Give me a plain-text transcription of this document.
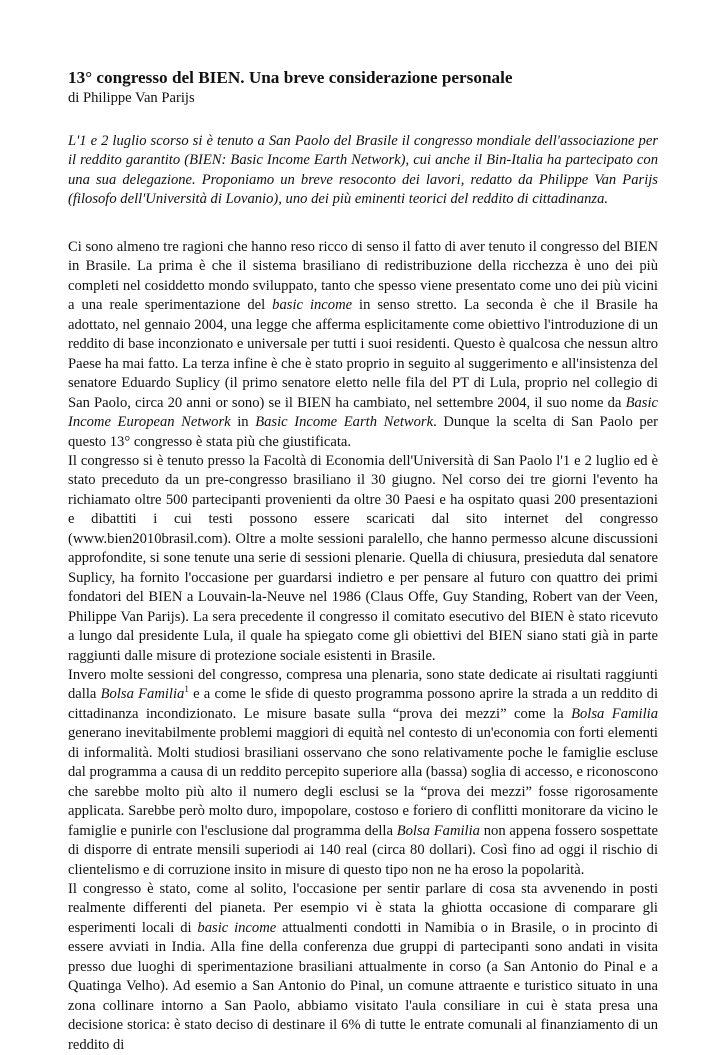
13° congresso del BIEN. Una breve considerazione personale
di Philippe Van Parijs

L'1 e 2 luglio scorso si è tenuto a San Paolo del Brasile il congresso mondiale dell'associazione per il reddito garantito (BIEN: Basic Income Earth Network), cui anche il Bin-Italia ha partecipato con una sua delegazione. Proponiamo un breve resoconto dei lavori, redatto da Philippe Van Parijs (filosofo dell'Università di Lovanio), uno dei più eminenti teorici del reddito di cittadinanza.

Ci sono almeno tre ragioni che hanno reso ricco di senso il fatto di aver tenuto il congresso del BIEN in Brasile. La prima è che il sistema brasiliano di redistribuzione della ricchezza è uno dei più completi nel cosiddetto mondo sviluppato, tanto che spesso viene presentato come uno dei più vicini a una reale sperimentazione del basic income in senso stretto. La seconda è che il Brasile ha adottato, nel gennaio 2004, una legge che afferma esplicitamente come obiettivo l'introduzione di un reddito di base inconzionato e universale per tutti i suoi residenti. Questo è qualcosa che nessun altro Paese ha mai fatto. La terza infine è che è stato proprio in seguito al suggerimento e all'insistenza del senatore Eduardo Suplicy (il primo senatore eletto nelle fila del PT di Lula, proprio nel collegio di San Paolo, circa 20 anni or sono) se il BIEN ha cambiato, nel settembre 2004, il suo nome da Basic Income European Network in Basic Income Earth Network. Dunque la scelta di San Paolo per questo 13° congresso è stata più che giustificata.

Il congresso si è tenuto presso la Facoltà di Economia dell'Università di San Paolo l'1 e 2 luglio ed è stato preceduto da un pre-congresso brasiliano il 30 giugno. Nel corso dei tre giorni l'evento ha richiamato oltre 500 partecipanti provenienti da oltre 30 Paesi e ha ospitato quasi 200 presentazioni e dibattiti i cui testi possono essere scaricati dal sito internet del congresso (www.bien2010brasil.com). Oltre a molte sessioni paralello, che hanno permesso alcune discussioni approfondite, si sone tenute una serie di sessioni plenarie. Quella di chiusura, presieduta dal senatore Suplicy, ha fornito l'occasione per guardarsi indietro e per pensare al futuro con quattro dei primi fondatori del BIEN a Louvain-la-Neuve nel 1986 (Claus Offe, Guy Standing, Robert van der Veen, Philippe Van Parijs). La sera precedente il congresso il comitato esecutivo del BIEN è stato ricevuto a lungo dal presidente Lula, il quale ha spiegato come gli obiettivi del BIEN siano stati già in parte raggiunti dalle misure di protezione sociale esistenti in Brasile.

Invero molte sessioni del congresso, compresa una plenaria, sono state dedicate ai risultati raggiunti dalla Bolsa Familia$^1$ e a come le sfide di questo programma possono aprire la strada a un reddito di cittadinanza incondizionato. Le misure basate sulla “prova dei mezzi” come la Bolsa Familia generano inevitabilmente problemi maggiori di equità nel contesto di un'economia con forti elementi di informalità. Molti studiosi brasiliani osservano che sono relativamente poche le famiglie escluse dal programma a causa di un reddito percepito superiore alla (bassa) soglia di accesso, e riconoscono che sarebbe molto più alto il numero degli esclusi se la “prova dei mezzi” fosse rigorosamente applicata. Sarebbe però molto duro, impopolare, costoso e foriero di conflitti monitorare da vicino le famiglie e punirle con l'esclusione dal programma della Bolsa Familia non appena fossero sospettate di disporre di entrate mensili superiodi ai 140 real (circa 80 dollari). Così fino ad oggi il rischio di clientelismo e di corruzione insito in misure di questo tipo non ne ha eroso la popolarità.

Il congresso è stato, come al solito, l'occasione per sentir parlare di cosa sta avvenendo in posti realmente differenti del pianeta. Per esempio vi è stata la ghiotta occasione di comparare gli esperimenti locali di basic income attualmenti condotti in Namibia o in Brasile, o in procinto di essere avviati in India. Alla fine della conferenza due gruppi di partecipanti sono andati in visita presso due luoghi di sperimentazione brasiliani attualmente in corso (a San Antonio do Pinal e a Quatinga Velho). Ad esemio a San Antonio do Pinal, un comune attraente e turistico situato in una zona collinare intorno a San Paolo, abbiamo visitato l'aula consiliare in cui è stata presa una decisione storica: è stato deciso di destinare il 6% di tutte le entrate comunali al finanziamento di un reddito di
